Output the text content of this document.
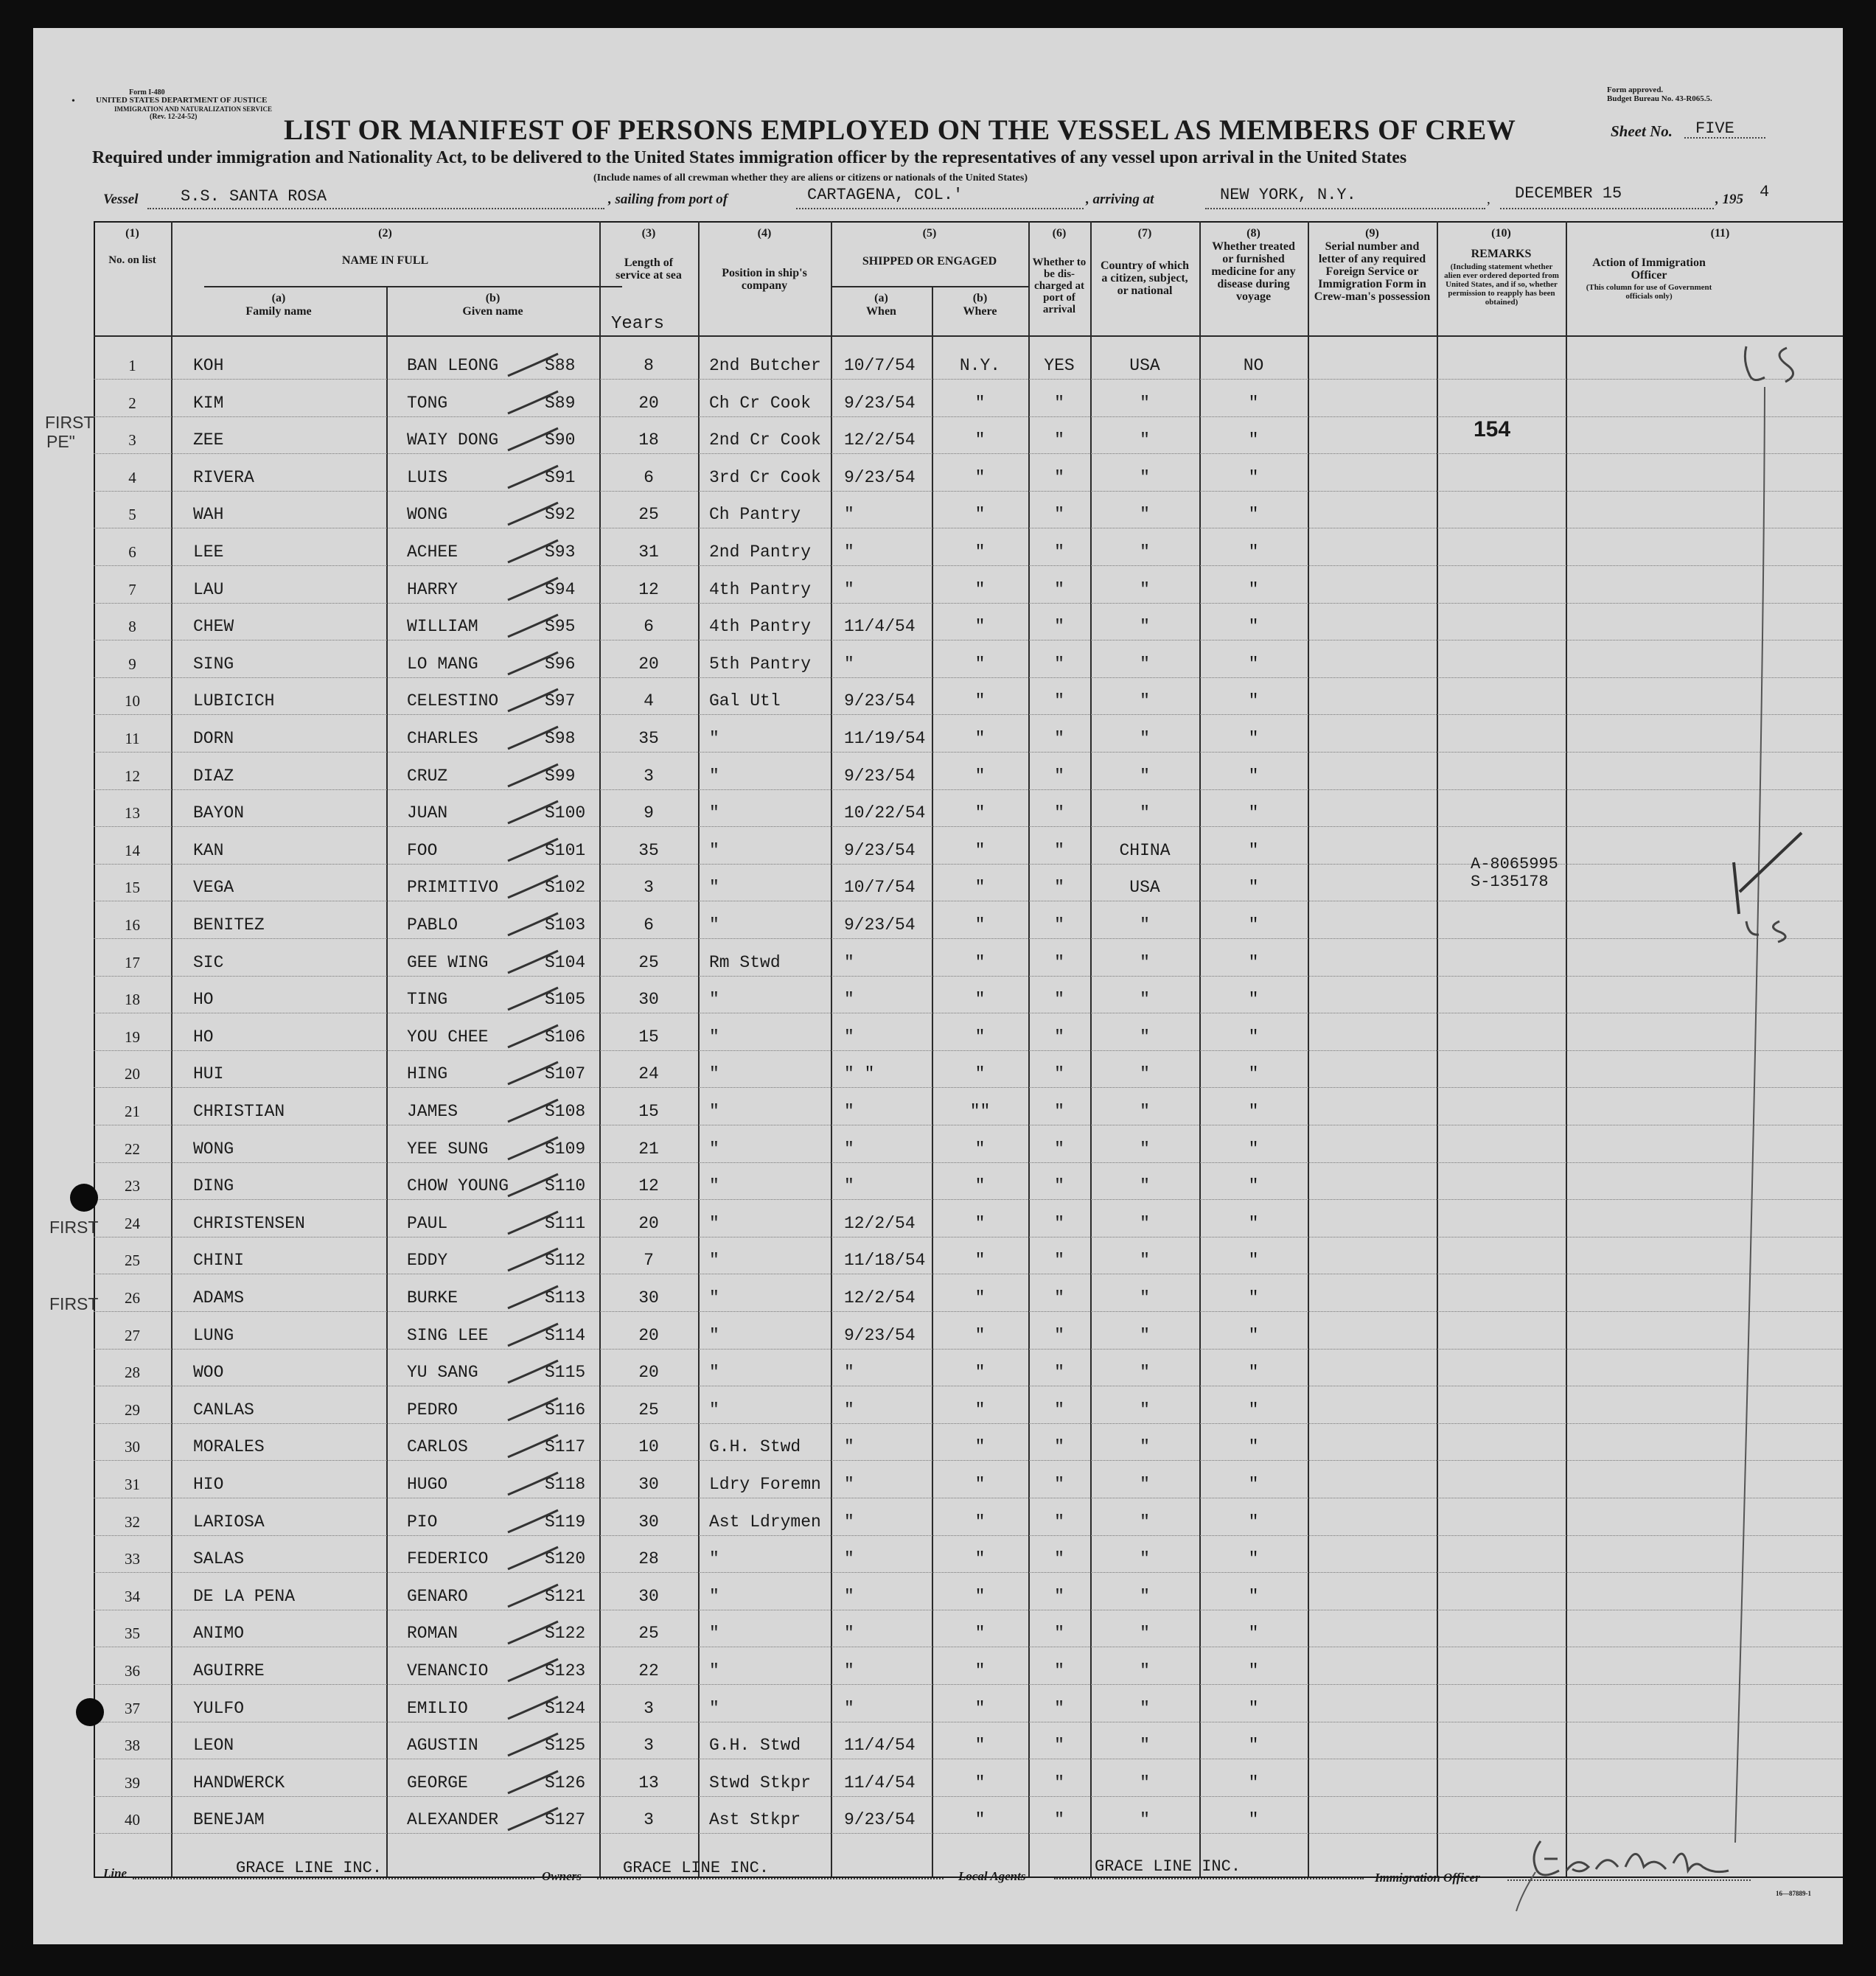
Form I-480
UNITED STATES DEPARTMENT OF JUSTICE
IMMIGRATION AND NATURALIZATION SERVICE
(Rev. 12-24-52)
•
Form approved.
Budget Bureau No. 43-R065.5.
LIST OR MANIFEST OF PERSONS EMPLOYED ON THE VESSEL AS MEMBERS OF CREW	Sheet No. FIVE
Required under immigration and Nationality Act, to be delivered to the United States immigration officer by the representatives of any vessel upon arrival in the United States
(Include names of all crewman whether they are aliens or citizens or nationals of the United States)
Vessel	S.S. SANTA ROSA	, sailing from port of	CARTAGENA, COL.'	, arriving at	NEW YORK, N.Y.	, DECEMBER 15	, 195 4
(1)
No. on list
(2)
NAME IN FULL
(a)
Family name
(b)
Given name
(3)
Length of service at sea
Years
(4)
Position in ship's company
(5)
SHIPPED OR ENGAGED
(a)
When
(b)
Where
(6)
Whether to be dis-charged at port of arrival
(7)
Country of which a citizen, subject, or national
(8)
Whether treated or furnished medicine for any disease during voyage
(9)
Serial number and letter of any required Foreign Service or Immigration Form in Crew-man's possession
(10)
REMARKS
(Including statement whether alien ever ordered deported from United States, and if so, whether permission to reapply has been obtained)
(11)
Action of Immigration Officer
(This column for use of Government officials only)
1	KOH	BAN LEONG	S88	8	2nd Butcher 10/7/54	N.Y.	YES	USA	NO
2	KIM	TONG	S89	20	Ch Cr Cook 9/23/54	"	"	"	"
3	ZEE	WAIY DONG	S90	18	2nd Cr Cook 12/2/54	"	"	"	"
4	RIVERA	LUIS	S91	6	3rd Cr Cook 9/23/54	"	"	"	"
5	WAH	WONG	S92	25	Ch Pantry	"	"	"	"	"
6	LEE	ACHEE	S93	31	2nd Pantry "	"	"	"	"
7	LAU	HARRY	S94	12	4th Pantry "	"	"	"	"
8	CHEW	WILLIAM	S95	6	4th Pantry 11/4/54	"	"	"	"
9	SING	LO MANG	S96	20	5th Pantry "	"	"	"	"
10	LUBICICH	CELESTINO	S97	4	Gal Utl	9/23/54	"	"	"	"
11	DORN	CHARLES	S98	35	"	11/19/54	"	"	"	"
12	DIAZ	CRUZ	S99	3	"	9/23/54	"	"	"	"
13	BAYON	JUAN	S100	9	"	10/22/54	"	"	"	"
14	KAN	FOO	S101	35	"	9/23/54	"	"	CHINA	"
15	VEGA	PRIMITIVO	S102	3	"	10/7/54	"	"	USA	"
16	BENITEZ	PABLO	S103	6	"	9/23/54	"	"	"	"
17	SIC	GEE WING	S104	25	Rm Stwd	"	"	"	"	"
18	HO	TING	S105	30	"	"	"	"	"	"
19	HO	YOU CHEE	S106	15	"	"	"	"	"	"
20	HUI	HING	S107	24	"	" "	"	"	"	"
21	CHRISTIAN	JAMES	S108	15	"	"	""	"	"	"
22	WONG	YEE SUNG	S109	21	"	"	"	"	"	"
23	DING	CHOW YOUNG S110	12	"	"	"	"	"	"
24	CHRISTENSEN	PAUL	S111	20	"	12/2/54	"	"	"	"
25	CHINI	EDDY	S112	7	"	11/18/54	"	"	"	"
26	ADAMS	BURKE	S113	30	"	12/2/54	"	"	"	"
27	LUNG	SING LEE	S114	20	"	9/23/54	"	"	"	"
28	WOO	YU SANG	S115	20	"	"	"	"	"	"
29	CANLAS	PEDRO	S116	25	"	"	"	"	"	"
30	MORALES	CARLOS	S117	10	G.H. Stwd	"	"	"	"	"
31	HIO	HUGO	S118	30	Ldry Foremn "	"	"	"	"
32	LARIOSA	PIO	S119	30	Ast Ldrymen "	"	"	"	"
33	SALAS	FEDERICO	S120	28	"	"	"	"	"	"
34	DE LA PENA	GENARO	S121	30	"	"	"	"	"	"
35	ANIMO	ROMAN	S122	25	"	"	"	"	"	"
36	AGUIRRE	VENANCIO	S123	22	"	"	"	"	"	"
37	YULFO	EMILIO	S124	3	"	"	"	"	"	"
38	LEON	AGUSTIN	S125	3	G.H. Stwd	11/4/54	"	"	"	"
39	HANDWERCK	GEORGE	S126	13	Stwd Stkpr 11/4/54	"	"	"	"
40	BENEJAM	ALEXANDER	S127	3	Ast Stkpr	9/23/54	"	"	"	"
154
A-8065995
S-135178
FIRST
PE"
FIRST
FIRST
Line	GRACE LINE INC.	Owners	GRACE LINE INC.	Local Agents
GRACE LINE INC.
Immigration Officer
16—87889-1
